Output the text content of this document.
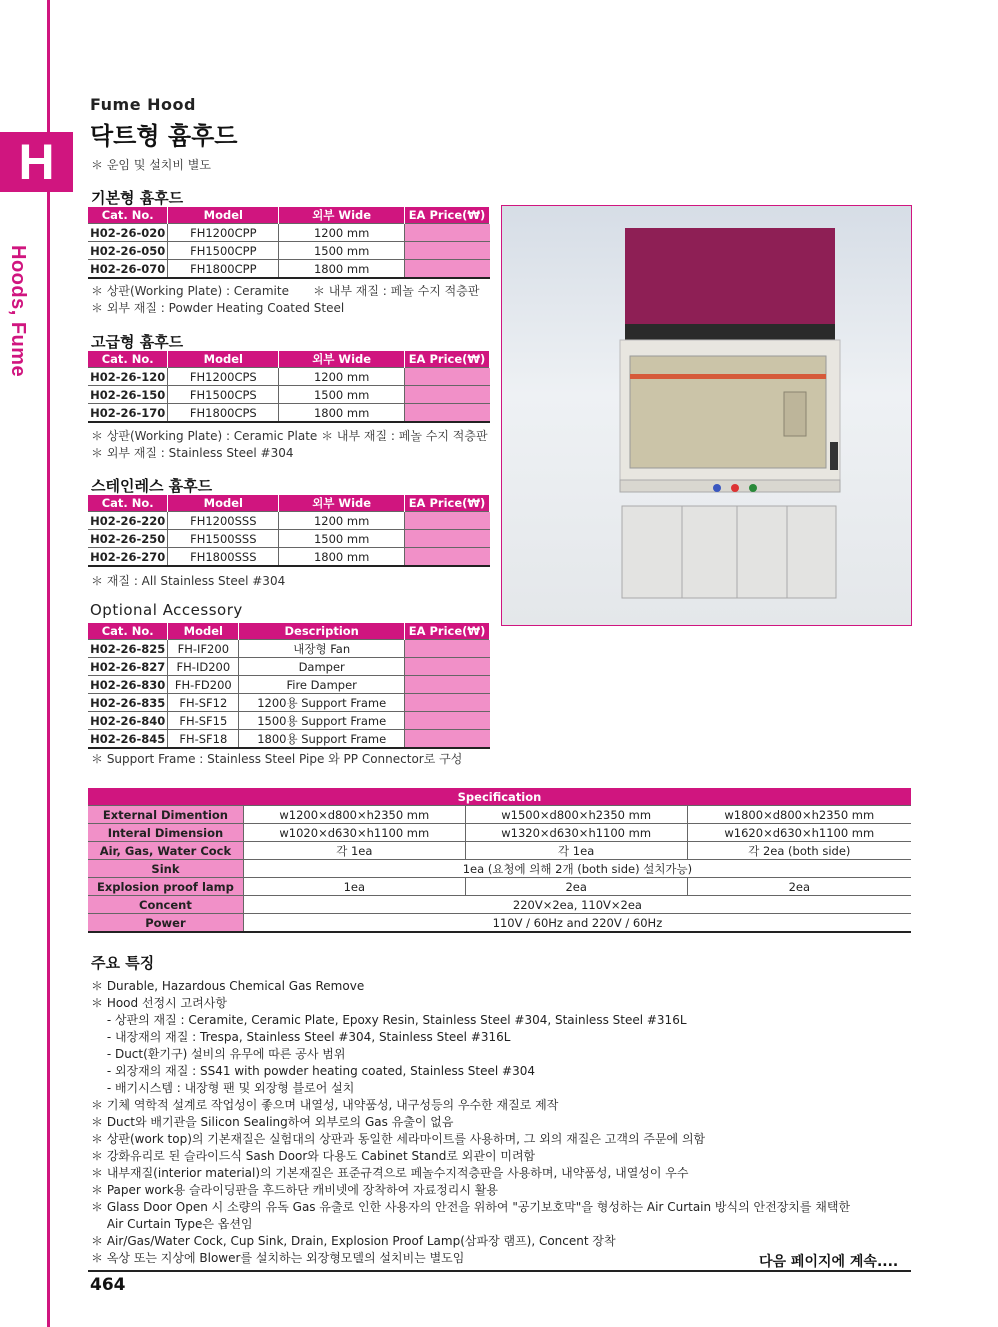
H
Hoods, Fume
Fume Hood
닥트형 흄후드
＊ 운임 및 설치비 별도
기본형 흄후드
Cat. No.	Model	외부 Wide	EA Price(₩)
H02-26-020	FH1200CPP	1200 mm	
H02-26-050	FH1500CPP	1500 mm	
H02-26-070	FH1800CPP	1800 mm	
＊ 상판(Working Plate) : Ceramite　　＊ 내부 재질 : 페놀 수지 적층판
＊ 외부 재질 : Powder Heating Coated Steel
고급형 흄후드
Cat. No.	Model	외부 Wide	EA Price(₩)
H02-26-120	FH1200CPS	1200 mm	
H02-26-150	FH1500CPS	1500 mm	
H02-26-170	FH1800CPS	1800 mm	
＊ 상판(Working Plate) : Ceramic Plate ＊ 내부 재질 : 페놀 수지 적층판
＊ 외부 재질 : Stainless Steel #304
스테인레스 흄후드
Cat. No.	Model	외부 Wide	EA Price(₩)
H02-26-220	FH1200SSS	1200 mm	
H02-26-250	FH1500SSS	1500 mm	
H02-26-270	FH1800SSS	1800 mm	
＊ 재질 : All Stainless Steel #304
Optional Accessory
Cat. No.	Model	Description	EA Price(₩)
H02-26-825	FH-IF200	내장형 Fan	
H02-26-827	FH-ID200	Damper	
H02-26-830	FH-FD200	Fire Damper	
H02-26-835	FH-SF12	1200용 Support Frame	
H02-26-840	FH-SF15	1500용 Support Frame	
H02-26-845	FH-SF18	1800용 Support Frame	
＊ Support Frame : Stainless Steel Pipe 와 PP Connector로 구성
Specification			
External Dimention	w1200×d800×h2350 mm	w1500×d800×h2350 mm	w1800×d800×h2350 mm
Interal Dimension	w1020×d630×h1100 mm	w1320×d630×h1100 mm	w1620×d630×h1100 mm
Air, Gas, Water Cock	각 1ea	각 1ea	각 2ea (both side)
Sink	1ea (요청에 의해 2개 (both side) 설치가능)		
Explosion proof lamp	1ea	2ea	2ea
Concent	220V×2ea, 110V×2ea		
Power	110V / 60Hz and 220V / 60Hz		
주요 특징
＊ Durable, Hazardous Chemical Gas Remove
＊ Hood 선정시 고려사항
　 - 상판의 재질 : Ceramite, Ceramic Plate, Epoxy Resin, Stainless Steel #304, Stainless Steel #316L
　 - 내장재의 재질 : Trespa, Stainless Steel #304, Stainless Steel #316L
　 - Duct(환기구) 설비의 유무에 따른 공사 범위
　 - 외장재의 재질 : SS41 with powder heating coated, Stainless Steel #304
　 - 배기시스템 : 내장형 팬 및 외장형 블로어 설치
＊ 기체 역학적 설계로 작업성이 좋으며 내열성, 내약품성, 내구성등의 우수한 재질로 제작
＊ Duct와 배기관을 Silicon Sealing하여 외부로의 Gas 유출이 없음
＊ 상판(work top)의 기본재질은 실험대의 상판과 동일한 세라마이트를 사용하며, 그 외의 재질은 고객의 주문에 의함
＊ 강화유리로 된 슬라이드식 Sash Door와 다용도 Cabinet Stand로 외관이 미려함
＊ 내부재질(interior material)의 기본재질은 표준규격으로 페놀수지적층판을 사용하며, 내약품성, 내열성이 우수
＊ Paper work용 슬라이딩판을 후드하단 캐비넷에 장착하여 자료정리시 활용
＊ Glass Door Open 시 소량의 유독 Gas 유출로 인한 사용자의 안전을 위하여 "공기보호막"을 형성하는 Air Curtain 방식의 안전장치를 채택한
　 Air Curtain Type은 옵션임
＊ Air/Gas/Water Cock, Cup Sink, Drain, Explosion Proof Lamp(삼파장 램프), Concent 장착
＊ 옥상 또는 지상에 Blower를 설치하는 외장형모델의 설치비는 별도임	다음 페이지에 계속....
464
